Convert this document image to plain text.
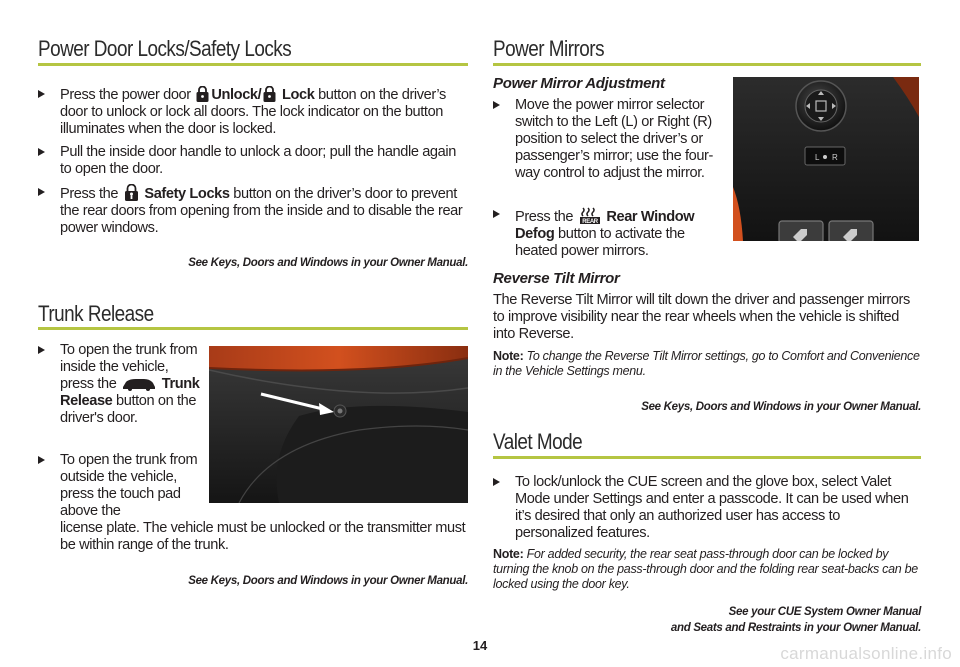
Power Door Locks/Safety Locks
Press the power door Unlock/ Lock button on the driver’s door to unlock or lock all doors. The lock indicator on the button illuminates when the door is locked.
Pull the inside door handle to unlock a door; pull the handle again to open the door.
Press the Safety Locks button on the driver’s door to prevent the rear doors from opening from the inside and to disable the rear power windows.
See Keys, Doors and Windows in your Owner Manual.
Trunk Release
To open the trunk from inside the vehicle, press the	Trunk Release button on the driver's door.
To open the trunk from outside the vehicle, press the touch pad above the
license plate. The vehicle must be unlocked or the transmitter must be within range of the trunk.
See Keys, Doors and Windows in your Owner Manual.
Power Mirrors
Power Mirror Adjustment
Move the power mirror selector switch to the Left (L) or Right (R) position to select the driver’s or passenger’s mirror; use the four-way control to adjust the mirror.
Press the REAR Rear Window Defog button to activate the heated power mirrors.
L R
Reverse Tilt Mirror
The Reverse Tilt Mirror will tilt down the driver and passenger mirrors to improve visibility near the rear wheels when the vehicle is shifted into Reverse.
Note: To change the Reverse Tilt Mirror settings, go to Comfort and Convenience in the Vehicle Settings menu.
See Keys, Doors and Windows in your Owner Manual.
Valet Mode
To lock/unlock the CUE screen and the glove box, select Valet Mode under Settings and enter a passcode. It can be used when it’s desired that only an authorized user has access to personalized features.
Note: For added security, the rear seat pass-through door can be locked by turning the knob on the pass-through door and the folding rear seat-backs can be locked using the door key.
See your CUE System Owner Manual
and Seats and Restraints in your Owner Manual.
14	carmanualsonline.info
